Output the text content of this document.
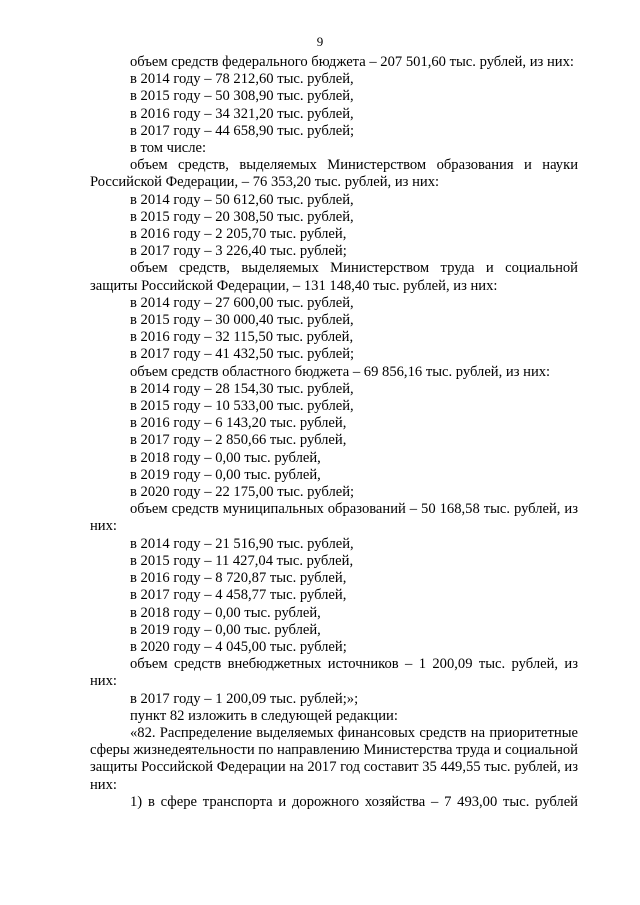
9

объем средств федерального бюджета – 207 501,60 тыс. рублей, из них:

в 2014 году – 78 212,60 тыс. рублей,

в 2015 году – 50 308,90 тыс. рублей,

в 2016 году – 34 321,20 тыс. рублей,

в 2017 году – 44 658,90 тыс. рублей;

в том числе:

объем средств, выделяемых Министерством образования и науки Российской Федерации, – 76 353,20 тыс. рублей, из них:

в 2014 году – 50 612,60 тыс. рублей,

в 2015 году – 20 308,50 тыс. рублей,

в 2016 году – 2 205,70 тыс. рублей,

в 2017 году – 3 226,40 тыс. рублей;

объем средств, выделяемых Министерством труда и социальной защиты Российской Федерации, – 131 148,40 тыс. рублей, из них:

в 2014 году – 27 600,00 тыс. рублей,

в 2015 году – 30 000,40 тыс. рублей,

в 2016 году – 32 115,50 тыс. рублей,

в 2017 году – 41 432,50 тыс. рублей;

объем средств областного бюджета – 69 856,16 тыс. рублей, из них:

в 2014 году – 28 154,30 тыс. рублей,

в 2015 году – 10 533,00 тыс. рублей,

в 2016 году – 6 143,20 тыс. рублей,

в 2017 году – 2 850,66 тыс. рублей,

в 2018 году – 0,00 тыс. рублей,

в 2019 году – 0,00 тыс. рублей,

в 2020 году – 22 175,00 тыс. рублей;

объем средств муниципальных образований – 50 168,58 тыс. рублей, из них:

в 2014 году – 21 516,90 тыс. рублей,

в 2015 году – 11 427,04 тыс. рублей,

в 2016 году – 8 720,87 тыс. рублей,

в 2017 году – 4 458,77 тыс. рублей,

в 2018 году – 0,00 тыс. рублей,

в 2019 году – 0,00 тыс. рублей,

в 2020 году – 4 045,00 тыс. рублей;

объем средств внебюджетных источников – 1 200,09 тыс. рублей, из них:

в 2017 году – 1 200,09 тыс. рублей;»;

пункт 82 изложить в следующей редакции:

«82. Распределение выделяемых финансовых средств на приоритетные сферы жизнедеятельности по направлению Министерства труда и социальной защиты Российской Федерации на 2017 год составит 35 449,55 тыс. рублей, из них:

1) в сфере транспорта и дорожного хозяйства – 7 493,00 тыс. рублей
